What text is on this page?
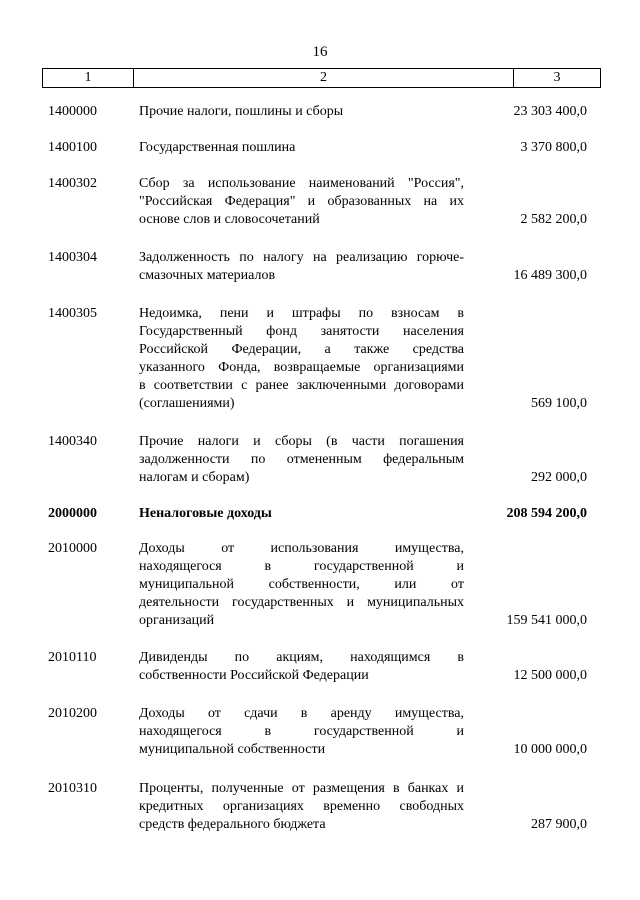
16
1	2	3
1400000	Прочие налоги, пошлины и сборы	23 303 400,0
1400100	Государственная пошлина	3 370 800,0
1400302	Сбор за использование наименований "Россия",
"Российская Федерация" и образованных на их
основе слов и словосочетаний	2 582 200,0
1400304	Задолженность по налогу на реализацию горюче-
смазочных материалов	16 489 300,0
1400305	Недоимка, пени и штрафы по взносам в
Государственный фонд занятости населения
Российской Федерации, а также средства
указанного Фонда, возвращаемые организациями
в соответствии с ранее заключенными договорами
(соглашениями)	569 100,0
1400340	Прочие налоги и сборы (в части погашения
задолженности по отмененным федеральным
налогам и сборам)	292 000,0
2000000	Неналоговые доходы	208 594 200,0
2010000	Доходы от использования имущества,
находящегося в государственной и
муниципальной собственности, или от
деятельности государственных и муниципальных
организаций	159 541 000,0
2010110	Дивиденды по акциям, находящимся в
собственности Российской Федерации	12 500 000,0
2010200	Доходы от сдачи в аренду имущества,
находящегося в государственной и
муниципальной собственности	10 000 000,0
2010310	Проценты, полученные от размещения в банках и
кредитных организациях временно свободных
средств федерального бюджета	287 900,0
